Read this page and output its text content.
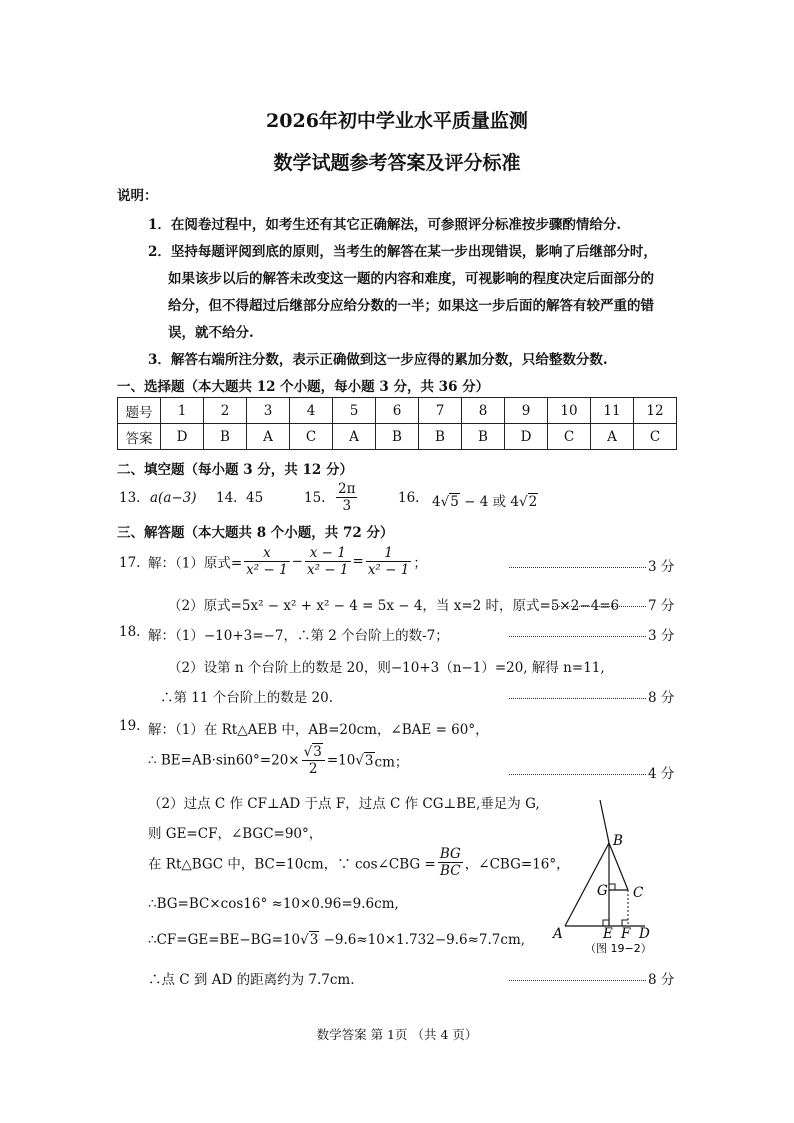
2026年初中学业水平质量监测
数学试题参考答案及评分标准
说明：
1．在阅卷过程中，如考生还有其它正确解法，可参照评分标准按步骤酌情给分.
2．坚持每题评阅到底的原则，当考生的解答在某一步出现错误，影响了后继部分时，
如果该步以后的解答未改变这一题的内容和难度，可视影响的程度决定后面部分的
给分，但不得超过后继部分应给分数的一半；如果这一步后面的解答有较严重的错
误，就不给分.
3．解答右端所注分数，表示正确做到这一步应得的累加分数，只给整数分数.
一、选择题（本大题共 12 个小题，每小题 3 分，共 36 分）
题号	1	2	3	4	5	6	7	8	9	10	11	12
答案	D	B	A	C	A	B	B	B	D	C	A	C
二、填空题（每小题 3 分，共 12 分）
13. a(a−3) 14. 45	15. $\frac{2\pi}{3}$	16. 4√5 − 4 或 4√2
三、解答题（本大题共 8 个小题，共 72 分）
17. 解：（1）原式= $\frac{x}{\text{x² − 1}} - \frac{x - 1}{\text{x² − 1}} = \frac{1}{\text{x² − 1}}$ ；	3 分
（2）原式=5x² − x² + x² − 4 = 5x − 4，当 x=2 时，原式=5×2−4=6 7 分
18. 解：（1）−10+3=−7，∴第 2 个台阶上的数-7；	3 分
（2）设第 n 个台阶上的数是 20，则−10+3（n−1）=20, 解得 n=11,
∴第 11 个台阶上的数是 20.	8 分
19. 解：（1）在 Rt△AEB 中，AB=20cm，∠BAE = 60°，
∴ $BE=AB\cdot\sin 60^\circ=20\times \frac{√3}{2} =10√3cm$；
4 分
（2）过点 C 作 CF⊥AD 于点 F，过点 C 作 CG⊥BE,垂足为 G,
则 GE=CF，∠BGC=90°，
在 Rt△BGC 中，BC=10cm，∵ cos∠CBG = $\frac{BG}{BC}$ ，∠CBG=16°，
∴BG=BC×cos16° ≈10×0.96=9.6cm,
∴CF=GE=BE−BG=10√3 −9.6≈10×1.732−9.6≈7.7cm,
∴点 C 到 AD 的距离约为 7.7cm.	8 分
A
B
C
D
E F
G
（图 19−2）
数学答案 第 1页 （共 4 页）
